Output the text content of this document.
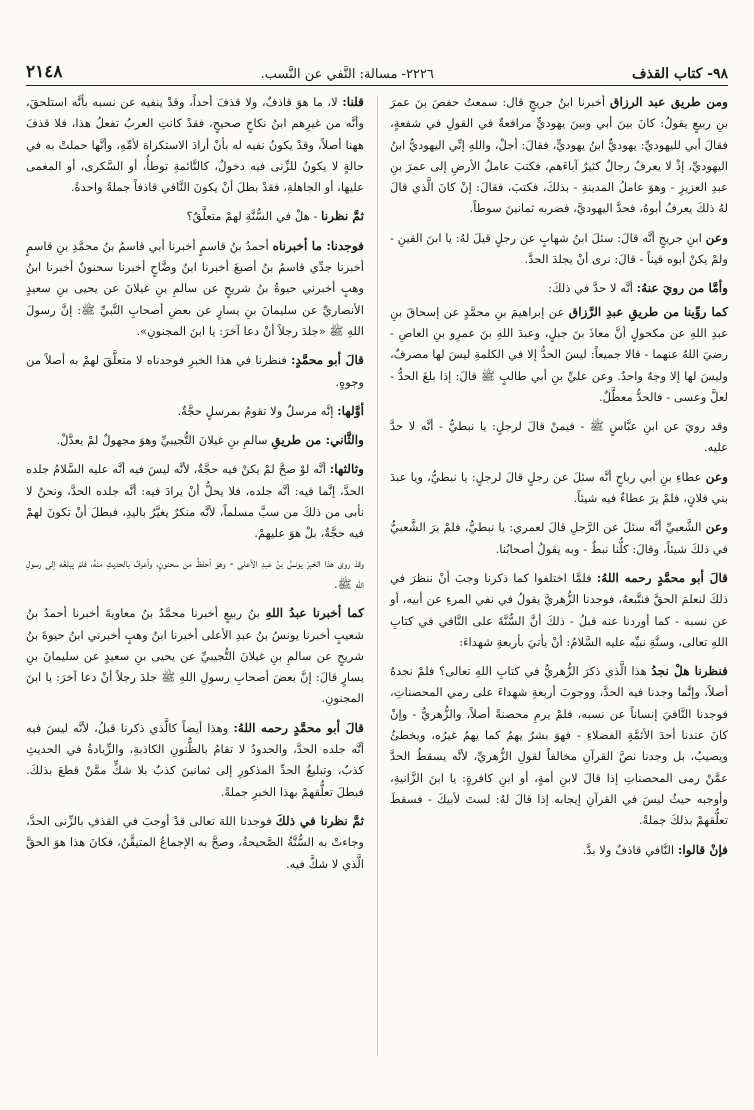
٩٨- كتاب القذف
٢٢٢٦- مسالة: النَّفي عن النَّسب.
٢١٤٨

ومن طريق عبد الرزاق أخبرنا ابنُ جريجٍ قال: سمعتُ حفصَ بنَ عمرَ بنِ ربيعٍ يقولُ: كانَ بينَ أبي وبينَ يهوديٍّ مرافعةٌ في القولِ في شفعةٍ، فقالَ أبي لليهوديِّ: يهوديٌّ ابنُ يهوديٍّ، فقالَ: أجلْ، واللهِ إنِّي اليهوديُّ ابنُ اليهوديِّ، إذْ لا يعرفُ رجالٌ كثيرٌ آباءَهم، فكتبَ عاملُ الأرضِ إلى عمرَ بنِ عبدِ العزيزِ - وهوَ عاملُ المدينةِ - بذلكَ، فكتبَ، فقالَ: إنْ كانَ الَّذي قالَ لهُ ذلكَ يعرفُ أبوهُ، فحدَّ اليهوديَّ، فضربه ثمانينَ سوطاً.

وعن ابنِ جريجٍ أنَّه قالَ: سئلَ ابنُ شهابٍ عن رجلٍ قيلَ لهُ: يا ابنَ القينِ - ولمْ يكنْ أبوه قيناً - قالَ: نرى أنْ يجلدَ الحدَّ.

وأمَّا من رويَ عنهُ: أنَّه لا حدَّ في ذلكَ:

كما روِّينا من طريقِ عبدِ الرَّزاق عن إبراهيمَ بنِ محمَّدٍ عن إسحاقَ بنِ عبدِ اللهِ عن مكحولٍ أنَّ معاذَ بنَ جبلٍ، وعبدَ اللهِ بنَ عمرِو بنِ العاصِ - رضيَ اللهُ عنهما - قالا جميعاً: ليسَ الحدُّ إلا في الكلمةِ ليسَ لها مصرفٌ، وليسَ لها إلا وجهٌ واحدٌ. وعن عليِّ بنِ أبي طالبٍ ﷺ قالَ: إذا بلغَ الحدُّ - لعلَّ وعسى - فالحدُّ معطَّلٌ.

وقد رويَ عن ابنِ عبَّاسٍ ﷺ - فيمنْ قالَ لرجلٍ: يا نبطيُّ - أنَّه لا حدَّ عليه.

وعن عطاءِ بنِ أبي رباحٍ أنَّه سئلَ عن رجلٍ قالَ لرجلٍ: يا نبطيُّ، ويا عبدَ بني فلانٍ، فلمْ يرَ عطاءٌ فيه شيئاً.

وعن الشَّعبيِّ أنَّه سئلَ عن الرَّجلِ قالَ لعمري: يا نبطيُّ، فلمْ يرَ الشَّعبيُّ في ذلكَ شيئاً، وقالَ: كلُّنا نبطٌ - وبه يقولُ أصحابُنا.

قالَ أبو محمَّدٍ رحمه اللهُ: فلمَّا اختلفوا كما ذكرنا وجبَ أنْ ننظرَ في ذلكَ لنعلمَ الحقَّ فنتَّبعهُ، فوجدنا الزُّهريَّ يقولُ في نفي المرءِ عن أبيه، أو عن نسبه - كما أوردنا عنه قبلُ - ذلكَ أنَّ السُّنَّةَ على النَّافي في كتابِ اللهِ تعالى، وسنَّةِ نبيِّه عليه السَّلامُ: أنْ يأتيَ بأربعةِ شهداءَ:

فنظرنا هلْ نجدُ هذا الَّذي ذكرَ الزُّهريُّ في كتابِ اللهِ تعالى؟ فلمْ نجدهُ أصلاً، وإنَّما وجدنا فيه الحدَّ، ووجوبَ أربعةِ شهداءَ على رمي المحصناتِ، فوجدنا النَّافيَ إنساناً عن نسبه، فلمْ يرمِ محصنةً أصلاً، والزُّهريُّ - وإنْ كانَ عندنا أحدَ الأئمَّةِ الفضلاءِ - فهوَ بشرٌ يهمُ كما يهمُ غيرُه، ويخطئُ ويصيبُ، بل وجدنا نصَّ القرآنِ مخالفاً لقولِ الزُّهريِّ، لأنَّه يسقطُ الحدَّ عمَّنْ رمى المحصناتِ إذا قالَ لابنِ أمةٍ، أو ابنِ كافرةٍ: يا ابنَ الزَّانيةِ، وأوجبه حيثُ ليسَ في القرآنِ إيجابه إذا قالَ لهُ: لستَ لأبيكَ - فسقطَ تعلُّقهمْ بذلكَ جملةً.

فإنْ قالوا: النَّافي قاذفٌ ولا بدَّ.

قلنا: لا، ما هوَ قاذفٌ، ولا قذفَ أحداً، وقدْ ينفيه عن نسبه بأنَّه استلحقَ، وأنَّه من غيرِهم ابنُ نكاحٍ صحيحٍ، فقدْ كانتِ العربُ تفعلُ هذا، فلا قذفَ ههنا أصلاً، وقدْ يكونُ نفيه له بأنْ أرادَ الاستكراهَ لأمِّهِ، وأنَّها حملتْ به في حالةٍ لا يكونُ للزِّنى فيه دخولٌ، كالنَّائمةِ توطأُ، أو السَّكرى، أو المغمى عليها، أو الجاهلةِ، فقدْ بطلَ أنْ يكونَ النَّافي قاذفاً جملةً واحدةً.

ثمَّ نظرنا - هلْ في السُّنَّةِ لهمْ متعلَّقٌ؟

فوجدنا: ما أخبرناه أحمدُ بنُ قاسمٍ أخبرنا أبي قاسمُ بنُ محمَّدِ بنِ قاسمٍ أخبرنا جدِّي قاسمُ بنُ أصبغَ أخبرنا ابنُ وضَّاحٍ أخبرنا سحنونٌ أخبرنا ابنُ وهبٍ أخبرني حيوةُ بنُ شريحٍ عن سالمِ بنِ غيلانَ عن يحيى بنِ سعيدٍ الأنصاريِّ عن سليمانَ بنِ يسارٍ عن بعضِ أصحابِ النَّبيِّ ﷺ: إنَّ رسولَ اللهِ ﷺ «جلدَ رجلاً أنْ دعا آخرَ: يا ابنَ المجنونِ».

قالَ أبو محمَّدٍ: فنظرنا في هذا الخبرِ فوجدناه لا متعلَّقَ لهمْ به أصلاً من وجوهٍ.

أوَّلها: إنَّه مرسلٌ ولا تقومُ بمرسلٍ حجَّةٌ.

والثَّاني: من طريقِ سالمِ بنِ غيلانَ التُّجيبيِّ وهوَ مجهولٌ لمْ يعدَّلْ.

وثالثها: أنَّه لوْ صحَّ لمْ يكنْ فيه حجَّةٌ، لأنَّه ليسَ فيه أنَّه عليه السَّلامُ جلده الحدَّ، إنَّما فيه: أنَّه جلده، فلا يحلُّ أنْ يرادَ فيه: أنَّه جلده الحدَّ، ونحنُ لا نأبى من ذلكَ من سبَّ مسلماً، لأنَّه منكرٌ يغيَّرُ باليدِ، فبطلَ أنْ تكونَ لهمْ فيه حجَّةٌ، بلْ هوَ عليهمْ.

وقدْ روى هذا الخبرَ يونسُ بنُ عبدِ الأعلى - وهوَ أحفظُ من سحنونٍ، وأعرفُ بالحديثِ منهُ، فلمْ يبلغْه إلى رسولِ اللهِ ﷺ.

كما أخبرنا عبدُ اللهِ بنُ ربيعٍ أخبرنا محمَّدُ بنُ معاويةَ أخبرنا أحمدُ بنُ شعيبٍ أخبرنا يونسُ بنُ عبدِ الأعلى أخبرنا ابنُ وهبٍ أخبرني ابنُ حيوةَ بنُ شريحٍ عن سالمِ بنِ غيلانَ التُّجيبيِّ عن يحيى بنِ سعيدٍ عن سليمانَ بنِ يسارٍ قالَ: إنَّ بعضَ أصحابِ رسولِ اللهِ ﷺ جلدَ رجلاً أنْ دعا آخرَ: يا ابنَ المجنونِ.

قالَ أبو محمَّدٍ رحمه اللهُ: وهذا أيضاً كالَّذي ذكرنا قبلُ، لأنَّه ليسَ فيه أنَّه جلده الحدَّ، والحدودُ لا تقامُ بالظُّنونِ الكاذبةِ، والزِّيادةُ في الحديثِ كذبٌ، وتبليغُ الحدِّ المذكورِ إلى ثمانينَ كذبٌ بلا شكٍّ ممَّنْ قطعَ بذلكَ. فبطلَ تعلُّقهمْ بهذا الخبرِ جملةً.

ثمَّ نظرنا في ذلكَ فوجدنا اللهَ تعالى قدْ أوجبَ في القذفِ بالزِّنى الحدَّ، وجاءتْ به السُّنَّةُ الصَّحيحةُ، وصحَّ به الإجماعُ المتيقَّنُ، فكانَ هذا هوَ الحقَّ الَّذي لا شكَّ فيه.
